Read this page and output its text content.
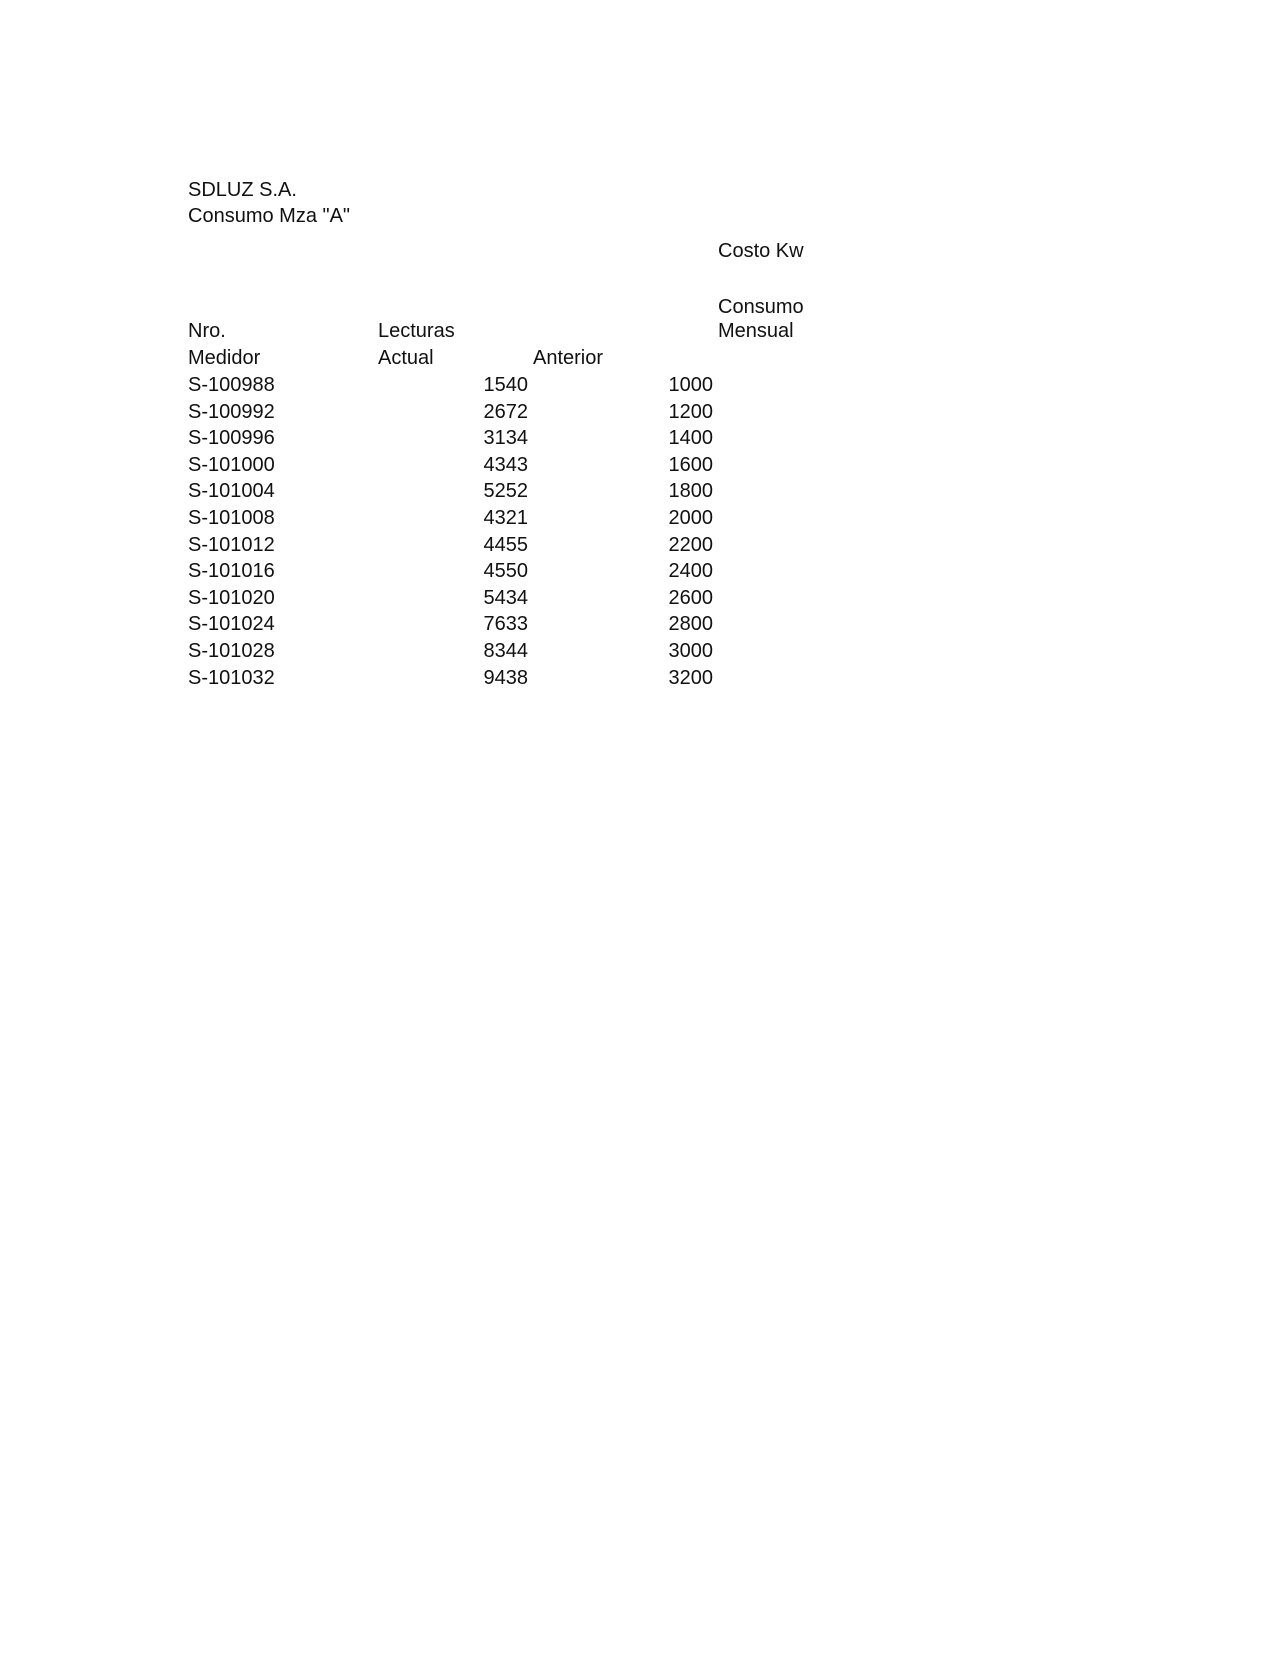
SDLUZ S.A.
Consumo Mza "A"
Costo Kw
Consumo
Mensual
Nro.	Lecturas
Medidor	Actual	Anterior
S-100988	1540	1000
S-100992	2672	1200
S-100996	3134	1400
S-101000	4343	1600
S-101004	5252	1800
S-101008	4321	2000
S-101012	4455	2200
S-101016	4550	2400
S-101020	5434	2600
S-101024	7633	2800
S-101028	8344	3000
S-101032	9438	3200
